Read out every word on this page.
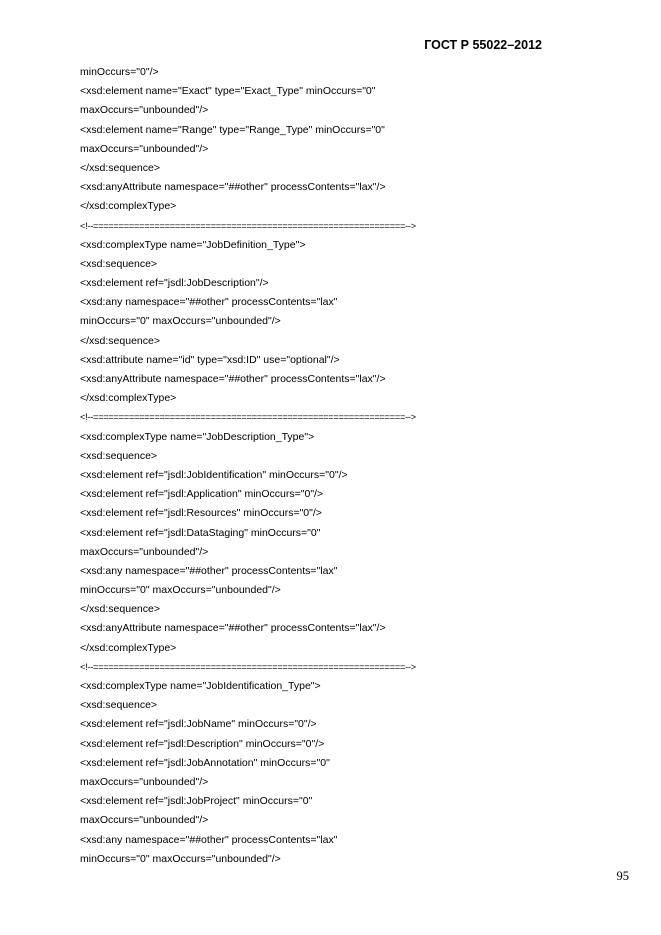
ГОСТ Р 55022–2012
minOccurs="0"/>
<xsd:element name="Exact" type="Exact_Type" minOccurs="0"
maxOccurs="unbounded"/>
<xsd:element name="Range" type="Range_Type" minOccurs="0"
maxOccurs="unbounded"/>
</xsd:sequence>
<xsd:anyAttribute namespace="##other" processContents="lax"/>
</xsd:complexType>
<!--=============================================================-->
<xsd:complexType name="JobDefinition_Type">
<xsd:sequence>
<xsd:element ref="jsdl:JobDescription"/>
<xsd:any namespace="##other" processContents="lax"
minOccurs="0" maxOccurs="unbounded"/>
</xsd:sequence>
<xsd:attribute name="id" type="xsd:ID" use="optional"/>
<xsd:anyAttribute namespace="##other" processContents="lax"/>
</xsd:complexType>
<!--=============================================================-->
<xsd:complexType name="JobDescription_Type">
<xsd:sequence>
<xsd:element ref="jsdl:JobIdentification" minOccurs="0"/>
<xsd:element ref="jsdl:Application" minOccurs="0"/>
<xsd:element ref="jsdl:Resources" minOccurs="0"/>
<xsd:element ref="jsdl:DataStaging" minOccurs="0"
maxOccurs="unbounded"/>
<xsd:any namespace="##other" processContents="lax"
minOccurs="0" maxOccurs="unbounded"/>
</xsd:sequence>
<xsd:anyAttribute namespace="##other" processContents="lax"/>
</xsd:complexType>
<!--=============================================================-->
<xsd:complexType name="JobIdentification_Type">
<xsd:sequence>
<xsd:element ref="jsdl:JobName" minOccurs="0"/>
<xsd:element ref="jsdl:Description" minOccurs="0"/>
<xsd:element ref="jsdl:JobAnnotation" minOccurs="0"
maxOccurs="unbounded"/>
<xsd:element ref="jsdl:JobProject" minOccurs="0"
maxOccurs="unbounded"/>
<xsd:any namespace="##other" processContents="lax"
minOccurs="0" maxOccurs="unbounded"/>
95
